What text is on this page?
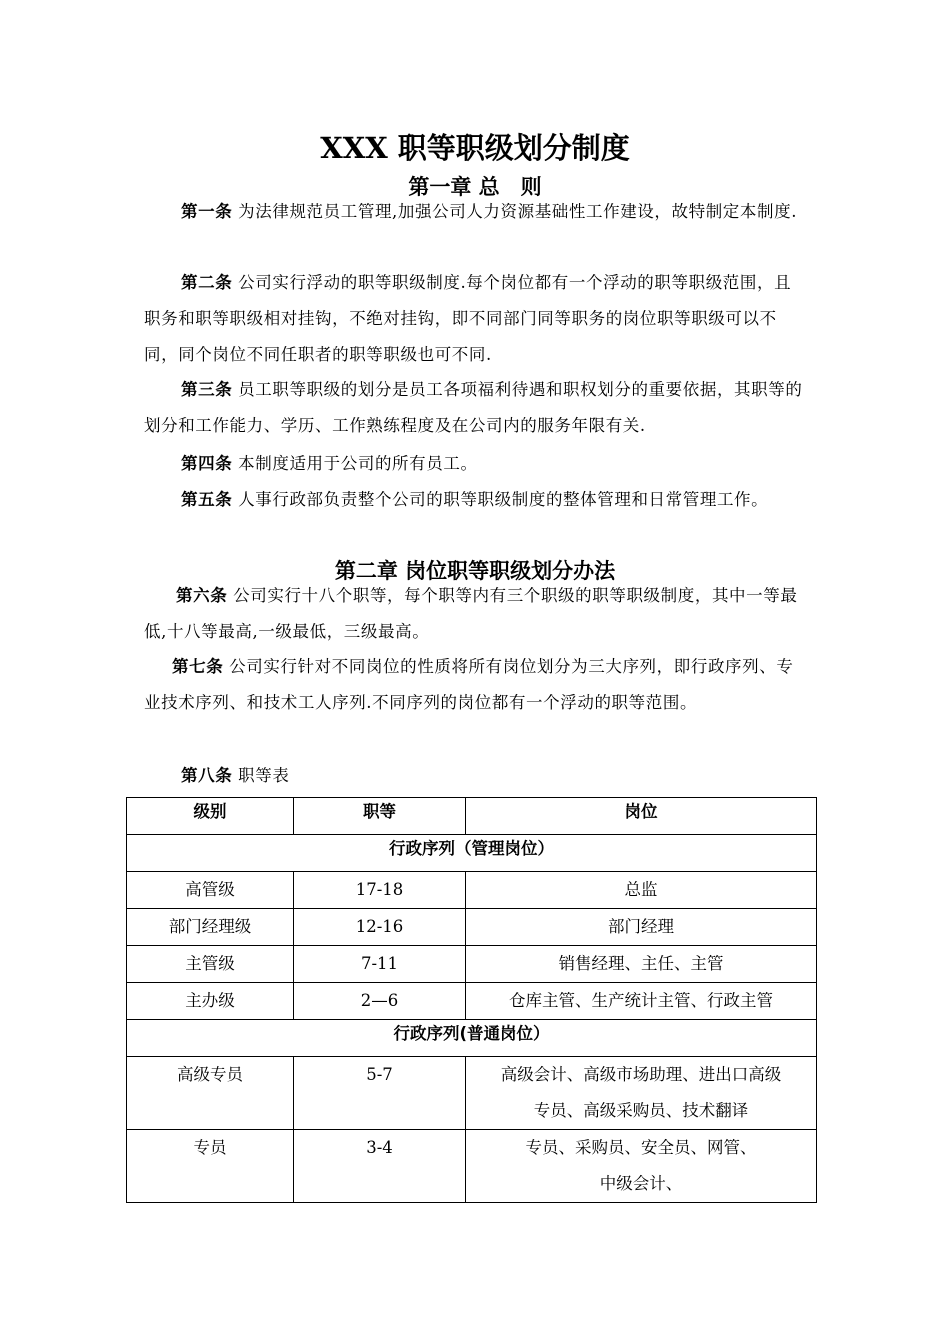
XXX 职等职级划分制度
第一章 总　则
第一条 为法律规范员工管理,加强公司人力资源基础性工作建设，故特制定本制度.
第二条 公司实行浮动的职等职级制度.每个岗位都有一个浮动的职等职级范围，且职务和职等职级相对挂钩，不绝对挂钩，即不同部门同等职务的岗位职等职级可以不同，同个岗位不同任职者的职等职级也可不同.
第三条 员工职等职级的划分是员工各项福利待遇和职权划分的重要依据，其职等的划分和工作能力、学历、工作熟练程度及在公司内的服务年限有关.
第四条 本制度适用于公司的所有员工。
第五条 人事行政部负责整个公司的职等职级制度的整体管理和日常管理工作。
第二章 岗位职等职级划分办法
第六条 公司实行十八个职等，每个职等内有三个职级的职等职级制度，其中一等最低,十八等最高,一级最低，三级最高。
第七条 公司实行针对不同岗位的性质将所有岗位划分为三大序列，即行政序列、专业技术序列、和技术工人序列.不同序列的岗位都有一个浮动的职等范围。
第八条 职等表
级别	职等	岗位
行政序列（管理岗位）		
高管级	17-18	总监
部门经理级	12-16	部门经理
主管级	7-11	销售经理、主任、主管
主办级	2—6	仓库主管、生产统计主管、行政主管
行政序列(普通岗位）		
高级专员	5-7	高级会计、高级市场助理、进出口高级
专员、高级采购员、技术翻译

专员	3-4	专员、采购员、安全员、网管、
中级会计、
